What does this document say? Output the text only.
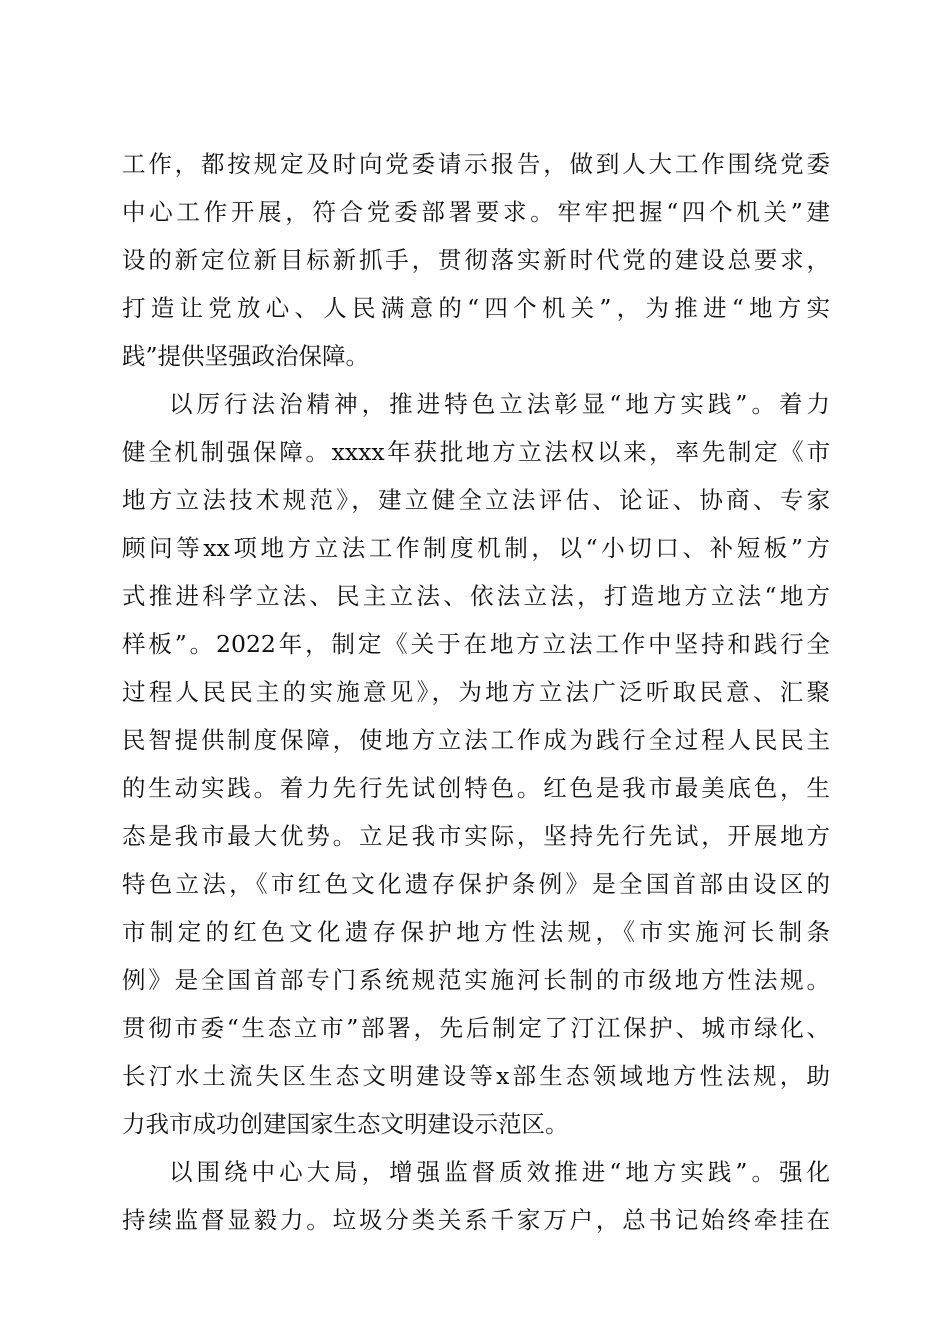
工作，都按规定及时向党委请示报告，做到人大工作围绕党委
中心工作开展，符合党委部署要求。牢牢把握“四个机关”建
设的新定位新目标新抓手，贯彻落实新时代党的建设总要求，
打造让党放心、人民满意的“四个机关”，为推进“地方实
践”提供坚强政治保障。
以厉行法治精神，推进特色立法彰显“地方实践”。着力
健全机制强保障。xxxx年获批地方立法权以来，率先制定《市
地方立法技术规范》，建立健全立法评估、论证、协商、专家
顾问等xx项地方立法工作制度机制，以“小切口、补短板”方
式推进科学立法、民主立法、依法立法，打造地方立法“地方
样板”。2022年，制定《关于在地方立法工作中坚持和践行全
过程人民民主的实施意见》，为地方立法广泛听取民意、汇聚
民智提供制度保障，使地方立法工作成为践行全过程人民民主
的生动实践。着力先行先试创特色。红色是我市最美底色，生
态是我市最大优势。立足我市实际，坚持先行先试，开展地方
特色立法，《市红色文化遗存保护条例》是全国首部由设区的
市制定的红色文化遗存保护地方性法规，《市实施河长制条
例》是全国首部专门系统规范实施河长制的市级地方性法规。
贯彻市委“生态立市”部署，先后制定了汀江保护、城市绿化、
长汀水土流失区生态文明建设等x部生态领域地方性法规，助
力我市成功创建国家生态文明建设示范区。
以围绕中心大局，增强监督质效推进“地方实践”。强化
持续监督显毅力。垃圾分类关系千家万户，总书记始终牵挂在
